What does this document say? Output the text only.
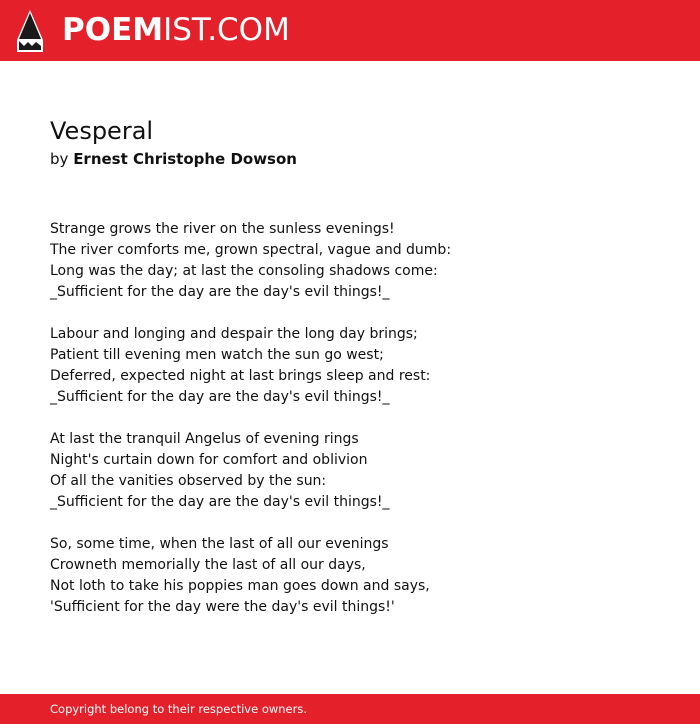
POEMIST.COM
Vesperal
by Ernest Christophe Dowson
Strange grows the river on the sunless evenings!
The river comforts me, grown spectral, vague and dumb:
Long was the day; at last the consoling shadows come:
_Sufficient for the day are the day's evil things!_
Labour and longing and despair the long day brings;
Patient till evening men watch the sun go west;
Deferred, expected night at last brings sleep and rest:
_Sufficient for the day are the day's evil things!_
At last the tranquil Angelus of evening rings
Night's curtain down for comfort and oblivion
Of all the vanities observed by the sun:
_Sufficient for the day are the day's evil things!_
So, some time, when the last of all our evenings
Crowneth memorially the last of all our days,
Not loth to take his poppies man goes down and says,
'Sufficient for the day were the day's evil things!'
Copyright belong to their respective owners.
